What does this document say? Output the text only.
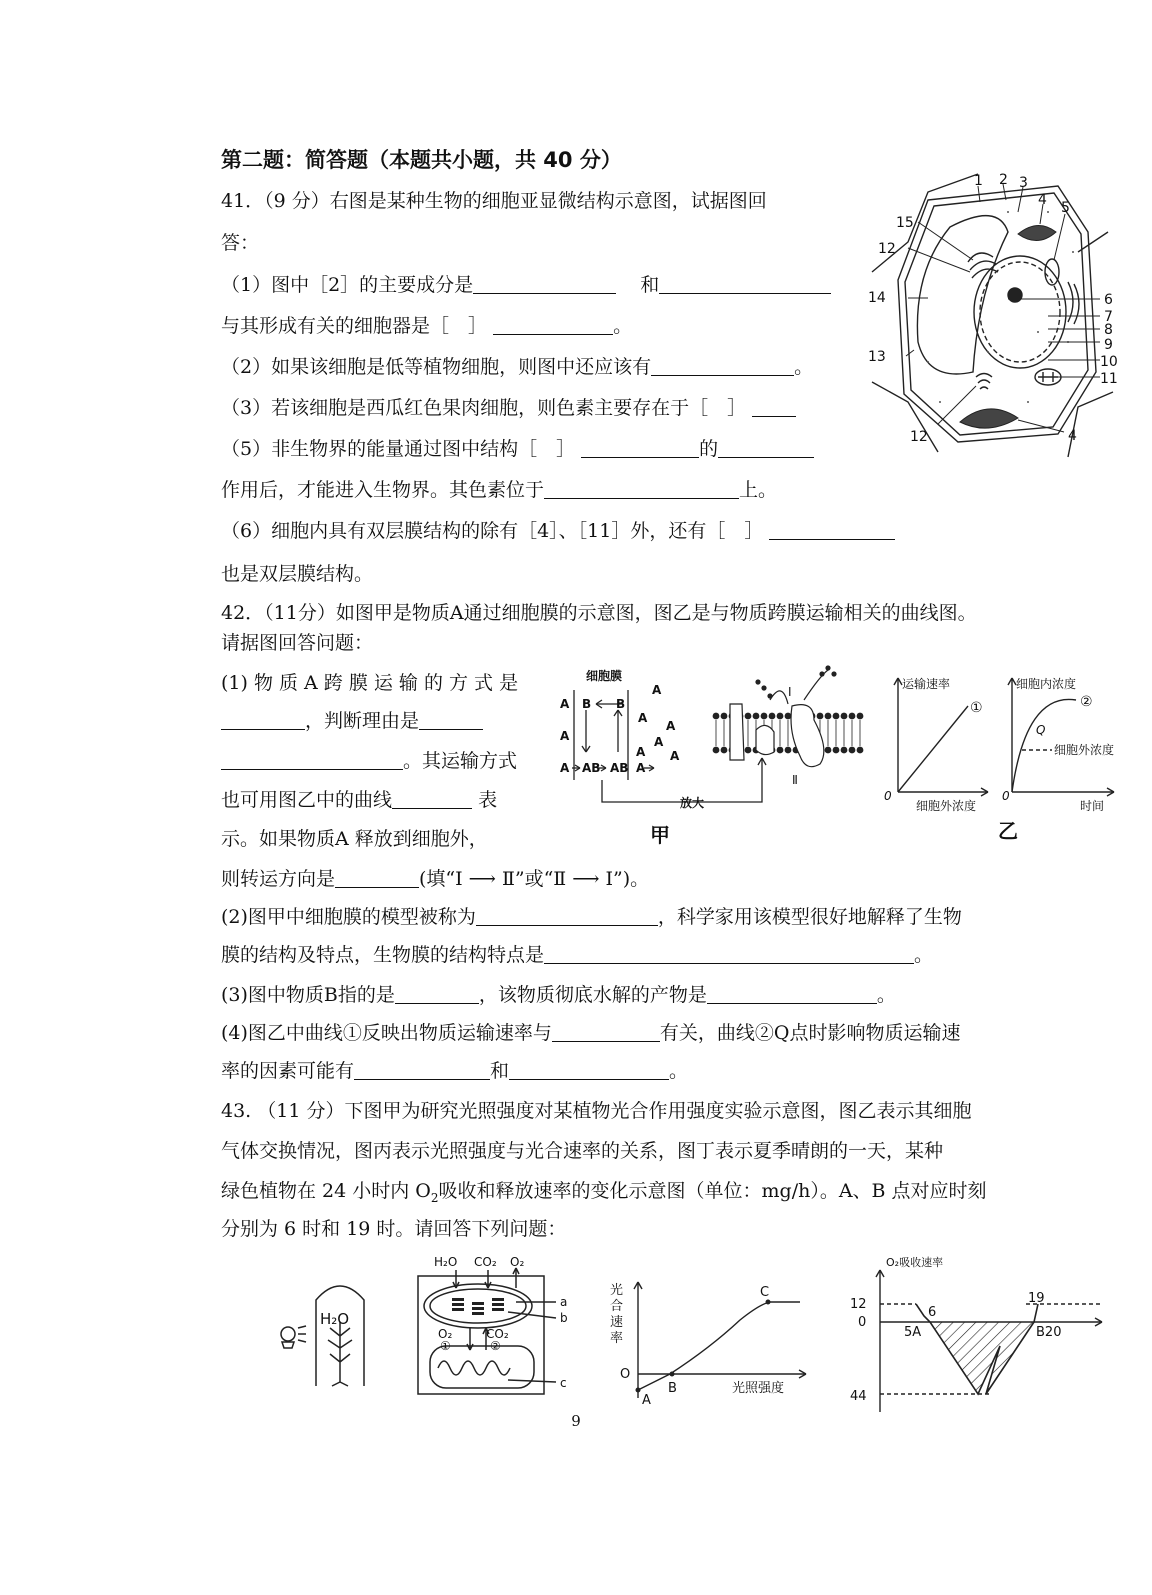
第二题：简答题（本题共小题，共 40 分）
41．（9 分）右图是某种生物的细胞亚显微结构示意图，试据图回
答：
（1）图中［2］的主要成分是	和
与其形成有关的细胞器是［　］	。
（2）如果该细胞是低等植物细胞，则图中还应该有	。
（3）若该细胞是西瓜红色果肉细胞，则色素主要存在于［　］
（5）非生物界的能量通过图中结构［　］	的
作用后，才能进入生物界。其色素位于	上。
（6）细胞内具有双层膜结构的除有［4］、［11］外，还有［　］
也是双层膜结构。
1 2 3
4 5
6
7
8
9
10
11
12
12
13
14
15
4
42．（11分）如图甲是物质A通过细胞膜的示意图，图乙是与物质跨膜运输相关的曲线图。
请据图回答问题：
(1) 物 质 A 跨 膜 运 输 的 方 式 是
，判断理由是
。其运输方式
也可用图乙中的曲线	表
示。如果物质A 释放到细胞外，
则转运方向是	(填“Ⅰ ⟶ Ⅱ”或“Ⅱ ⟶ Ⅰ”)。
(2)图甲中细胞膜的模型被称为	，科学家用该模型很好地解释了生物
膜的结构及特点，生物膜的结构特点是	。
(3)图中物质B指的是	，该物质彻底水解的产物是	。
(4)图乙中曲线①反映出物质运输速率与	有关，曲线②Q点时影响物质运输速
率的因素可能有	和	。
细胞膜
放大
B B
A
A
A
A
A
A
A
A A
AB AB A
I
Ⅱ
甲
运输速率
细胞外浓度
①
0
细胞内浓度
时间
②
Q
细胞外浓度
0
乙
43. （11 分）下图甲为研究光照强度对某植物光合作用强度实验示意图，图乙表示其细胞
气体交换情况，图丙表示光照强度与光合速率的关系，图丁表示夏季晴朗的一天，某种
绿色植物在 24 小时内 $O_2$吸收和释放速率的变化示意图（单位：mg/h）。A、B 点对应时刻
分别为 6 时和 19 时。请回答下列问题：
H₂O
H₂O CO₂ O₂
O₂	CO₂
①	②
a
b
c
光
合
速
率
O
A
B
C
光照强度
O₂吸收速率
12
0
44
6
5A
19
B20
9
